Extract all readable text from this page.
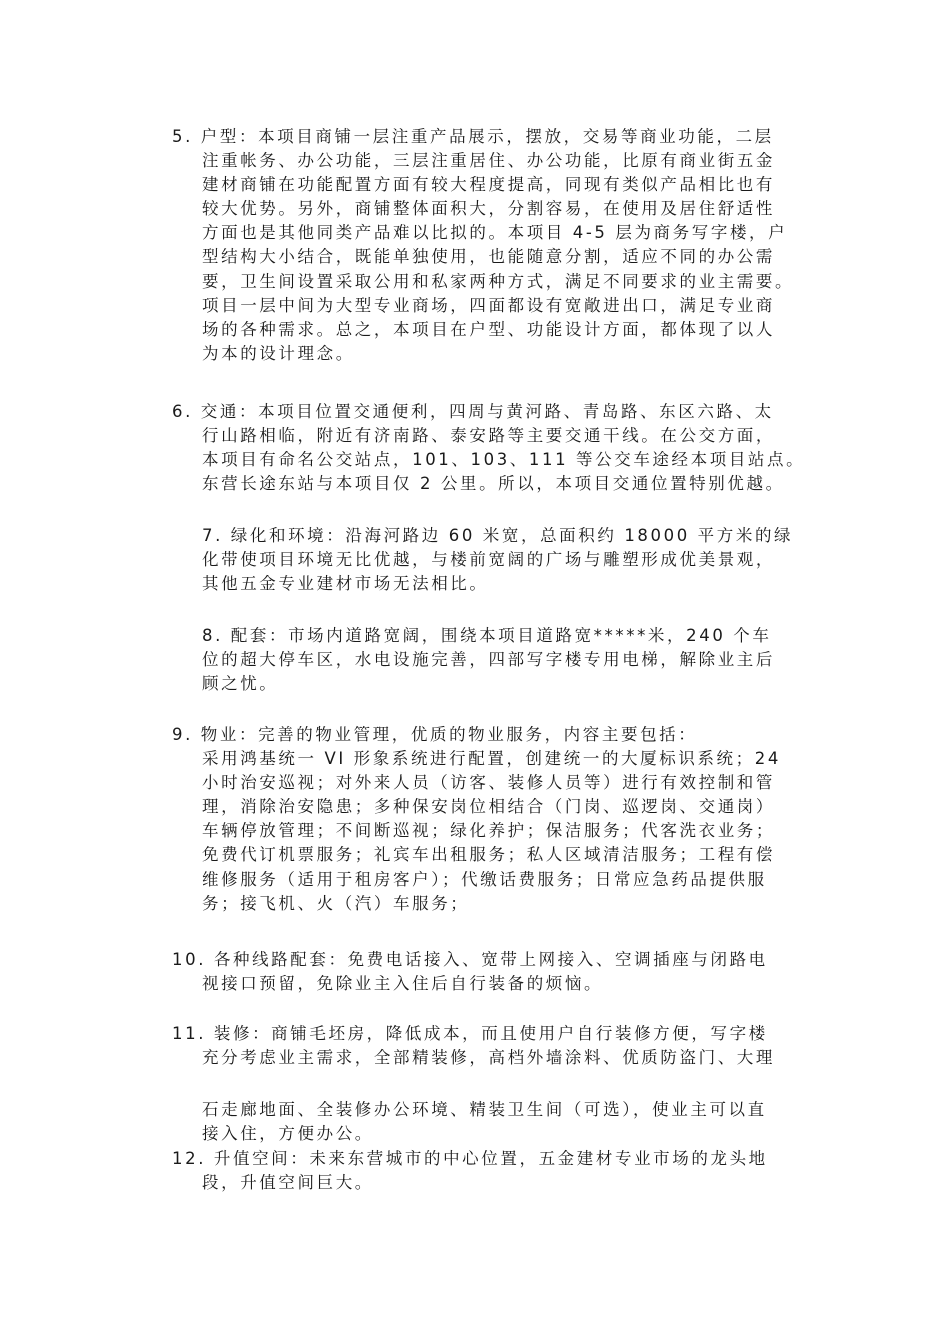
5. 户型：本项目商铺一层注重产品展示，摆放，交易等商业功能，二层
注重帐务、办公功能，三层注重居住、办公功能，比原有商业街五金
建材商铺在功能配置方面有较大程度提高，同现有类似产品相比也有
较大优势。另外，商铺整体面积大，分割容易，在使用及居住舒适性
方面也是其他同类产品难以比拟的。本项目 4-5 层为商务写字楼，户
型结构大小结合，既能单独使用，也能随意分割，适应不同的办公需
要，卫生间设置采取公用和私家两种方式，满足不同要求的业主需要。
项目一层中间为大型专业商场，四面都设有宽敞进出口，满足专业商
场的各种需求。总之，本项目在户型、功能设计方面，都体现了以人
为本的设计理念。
6. 交通：本项目位置交通便利，四周与黄河路、青岛路、东区六路、太
行山路相临，附近有济南路、泰安路等主要交通干线。在公交方面，
本项目有命名公交站点，101、103、111 等公交车途经本项目站点。
东营长途东站与本项目仅 2 公里。所以，本项目交通位置特别优越。
7. 绿化和环境：沿海河路边 60 米宽，总面积约 18000 平方米的绿
化带使项目环境无比优越，与楼前宽阔的广场与雕塑形成优美景观，
其他五金专业建材市场无法相比。
8. 配套：市场内道路宽阔，围绕本项目道路宽*****米，240 个车
位的超大停车区，水电设施完善，四部写字楼专用电梯，解除业主后
顾之忧。
9. 物业：完善的物业管理，优质的物业服务，内容主要包括：
采用鸿基统一 VI 形象系统进行配置，创建统一的大厦标识系统；24
小时治安巡视；对外来人员（访客、装修人员等）进行有效控制和管
理，消除治安隐患；多种保安岗位相结合（门岗、巡逻岗、交通岗）
车辆停放管理；不间断巡视；绿化养护；保洁服务；代客洗衣业务；
免费代订机票服务；礼宾车出租服务；私人区域清洁服务；工程有偿
维修服务（适用于租房客户）；代缴话费服务；日常应急药品提供服
务；接飞机、火（汽）车服务；
10. 各种线路配套：免费电话接入、宽带上网接入、空调插座与闭路电
视接口预留，免除业主入住后自行装备的烦恼。
11. 装修：商铺毛坯房，降低成本，而且使用户自行装修方便，写字楼
充分考虑业主需求，全部精装修，高档外墙涂料、优质防盗门、大理
石走廊地面、全装修办公环境、精装卫生间（可选），使业主可以直
接入住，方便办公。
12. 升值空间：未来东营城市的中心位置，五金建材专业市场的龙头地
段，升值空间巨大。
